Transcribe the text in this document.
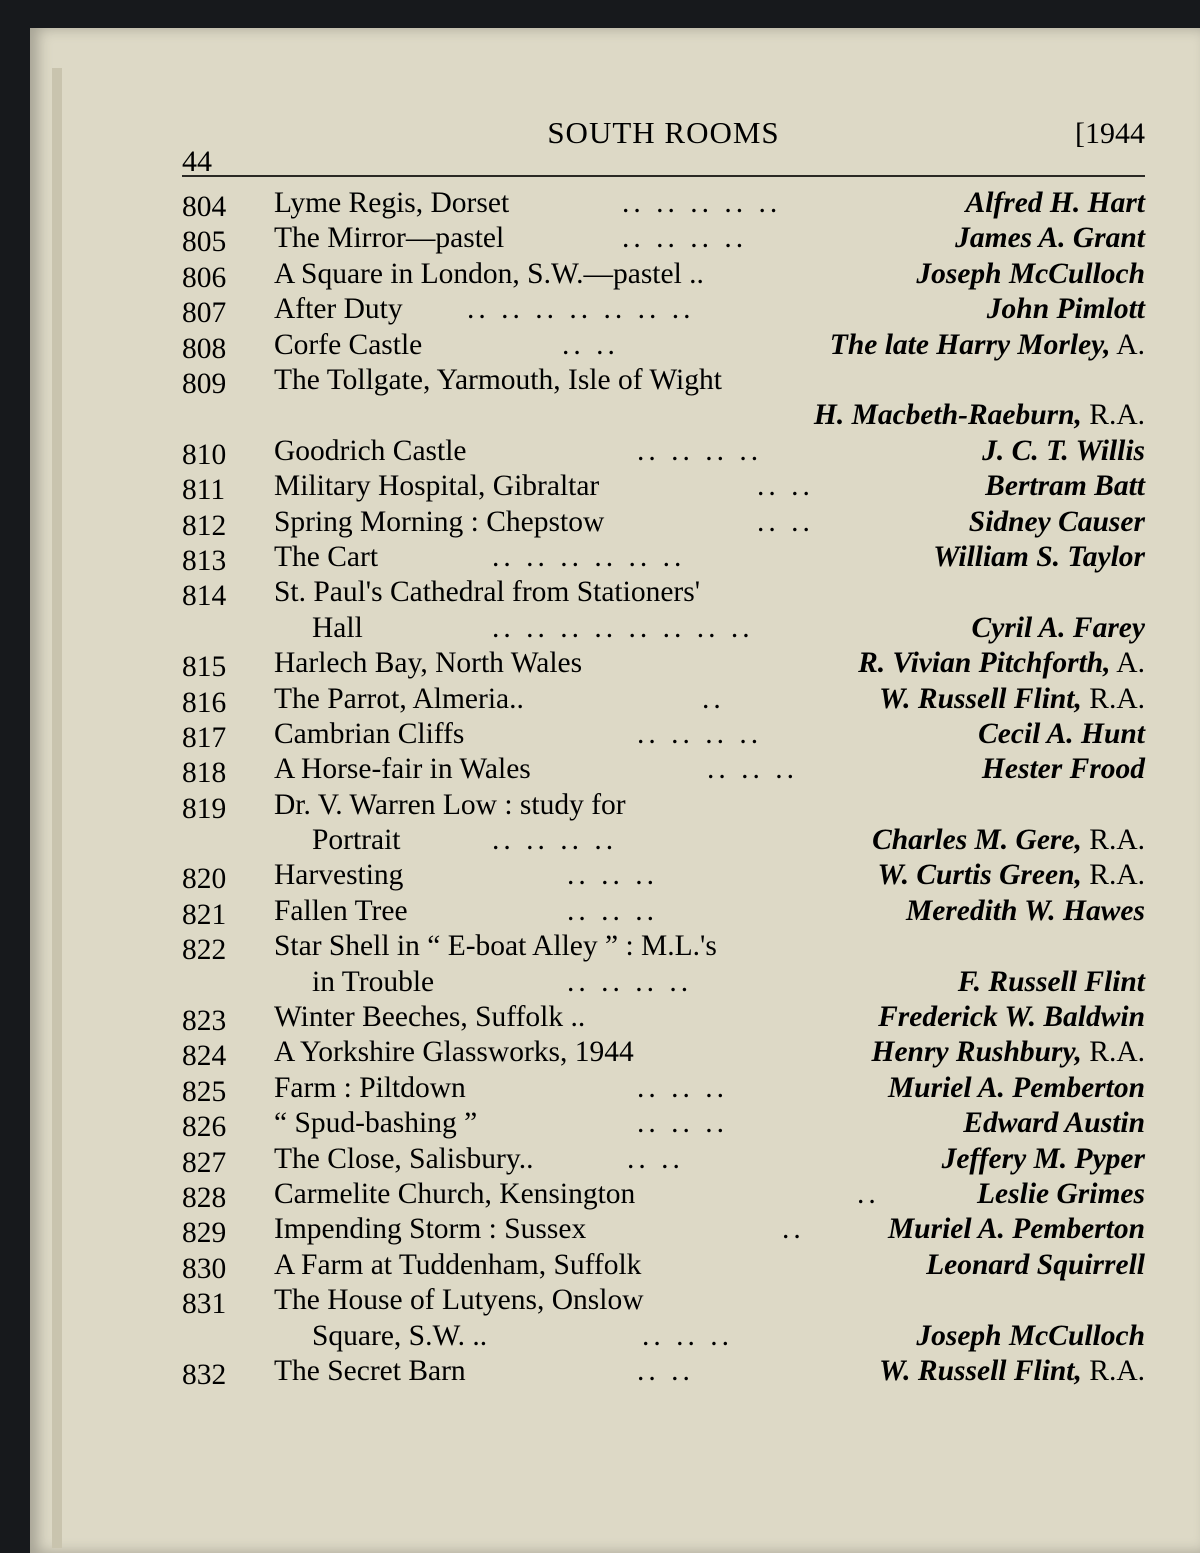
44
SOUTH ROOMS	[1944
804	Lyme Regis, Dorset	.. .. .. .. ..	Alfred H. Hart
805	The Mirror—pastel	.. .. .. ..	James A. Grant
806	A Square in London, S.W.—pastel ..	Joseph McCulloch
807	After Duty .. .. .. .. .. .. ..	John Pimlott
808	Corfe Castle	.. ..	The late Harry Morley, A.
809	The Tollgate, Yarmouth, Isle of Wight
H. Macbeth-Raeburn, R.A.
810	Goodrich Castle	.. .. .. ..	J. C. T. Willis
811	Military Hospital, Gibraltar	.. ..	Bertram Batt
812	Spring Morning : Chepstow	.. ..	Sidney Causer
813	The Cart	.. .. .. .. .. ..	William S. Taylor
814	St. Paul's Cathedral from Stationers'
Hall	.. .. .. .. .. .. .. ..	Cyril A. Farey
815	Harlech Bay, North Wales	R. Vivian Pitchforth, A.
816	The Parrot, Almeria..	..	W. Russell Flint, R.A.
817	Cambrian Cliffs	.. .. .. ..	Cecil A. Hunt
818	A Horse-fair in Wales	.. .. ..	Hester Frood
819	Dr. V. Warren Low : study for
Portrait	.. .. .. ..	Charles M. Gere, R.A.
820	Harvesting	.. .. ..	W. Curtis Green, R.A.
821	Fallen Tree	.. .. ..	Meredith W. Hawes
822	Star Shell in “ E-boat Alley ” : M.L.'s
in Trouble	.. .. .. ..	F. Russell Flint
823	Winter Beeches, Suffolk ..	Frederick W. Baldwin
824	A Yorkshire Glassworks, 1944	Henry Rushbury, R.A.
825	Farm : Piltdown	.. .. ..	Muriel A. Pemberton
826	“ Spud-bashing ”	.. .. ..	Edward Austin
827	The Close, Salisbury..	.. ..	Jeffery M. Pyper
828	Carmelite Church, Kensington	..	Leslie Grimes
829	Impending Storm : Sussex	..	Muriel A. Pemberton
830	A Farm at Tuddenham, Suffolk	Leonard Squirrell
831	The House of Lutyens, Onslow
Square, S.W. ..	.. .. ..	Joseph McCulloch
832	The Secret Barn	.. ..	W. Russell Flint, R.A.
